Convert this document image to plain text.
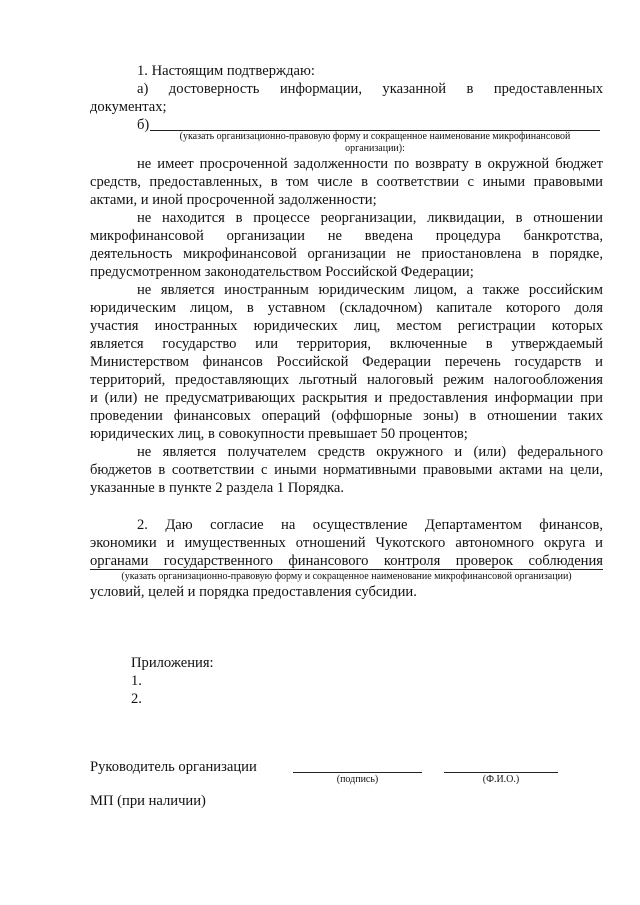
1. Настоящим подтверждаю:
а) достоверность информации, указанной в предоставленных
документах;
б)
(указать организационно-правовую форму и сокращенное наименование микрофинансовой
организации):
не имеет просроченной задолженности по возврату в окружной бюджет
средств, предоставленных, в том числе в соответствии с иными правовыми
актами, и иной просроченной задолженности;
не находится в процессе реорганизации, ликвидации, в отношении
микрофинансовой организации не введена процедура банкротства,
деятельность микрофинансовой организации не приостановлена в порядке,
предусмотренном законодательством Российской Федерации;
не является иностранным юридическим лицом, а также российским
юридическим лицом, в уставном (складочном) капитале которого доля
участия иностранных юридических лиц, местом регистрации которых
является государство или территория, включенные в утверждаемый
Министерством финансов Российской Федерации перечень государств и
территорий, предоставляющих льготный налоговый режим налогообложения
и (или) не предусматривающих раскрытия и предоставления информации при
проведении финансовых операций (оффшорные зоны) в отношении таких
юридических лиц, в совокупности превышает 50 процентов;
не является получателем средств окружного и (или) федерального
бюджетов в соответствии с иными нормативными правовыми актами на цели,
указанные в пункте 2 раздела 1 Порядка.
2. Даю согласие на осуществление Департаментом финансов,
экономики и имущественных отношений Чукотского автономного округа и
органами государственного финансового контроля проверок соблюдения
(указать организационно-правовую форму и сокращенное наименование микрофинансовой организации)
условий, целей и порядка предоставления субсидии.
Приложения:
1.
2.
Руководитель организации
(подпись)	(Ф.И.О.)
МП (при наличии)
